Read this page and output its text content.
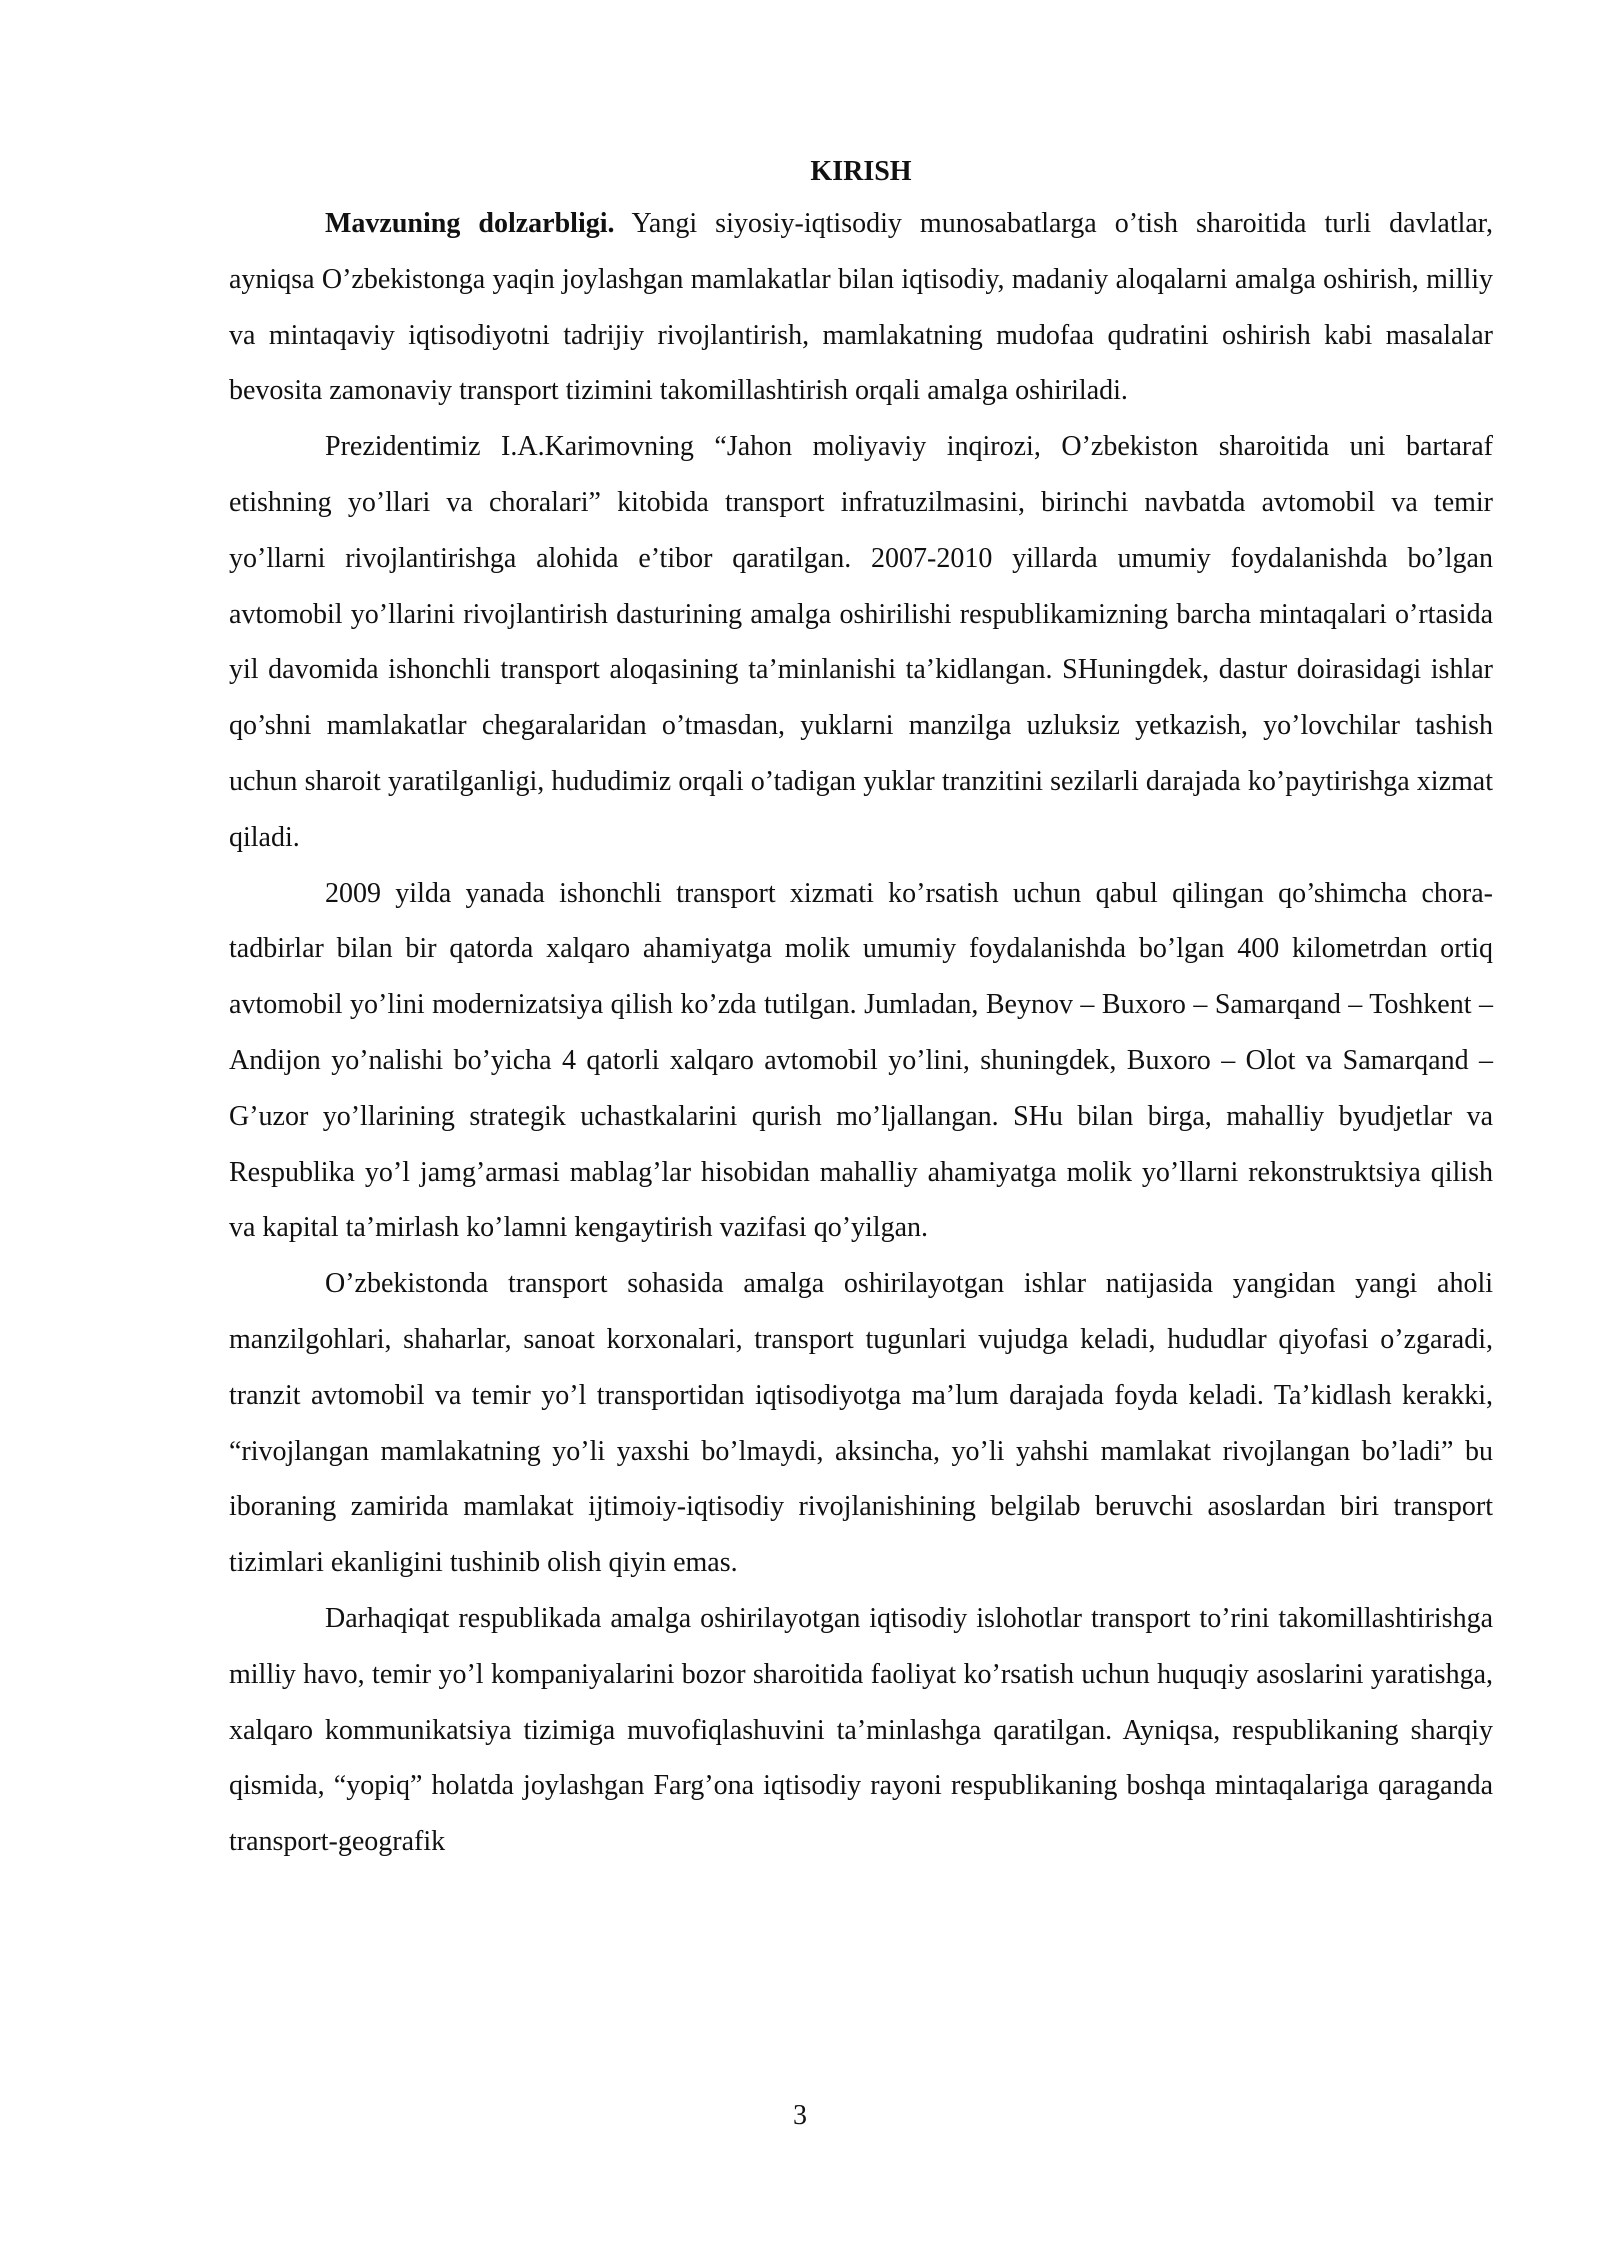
KIRISH

Mavzuning dolzarbligi. Yangi siyosiy-iqtisodiy munosabatlarga o’tish sharoitida turli davlatlar, ayniqsa O’zbekistonga yaqin joylashgan mamlakatlar bilan iqtisodiy, madaniy aloqalarni amalga oshirish, milliy va mintaqaviy iqtisodiyotni tadrijiy rivojlantirish, mamlakatning mudofaa qudratini oshirish kabi masalalar bevosita zamonaviy transport tizimini takomillashtirish orqali amalga oshiriladi.

Prezidentimiz I.A.Karimovning “Jahon moliyaviy inqirozi, O’zbekiston sharoitida uni bartaraf etishning yo’llari va choralari” kitobida transport infratuzilmasini, birinchi navbatda avtomobil va temir yo’llarni rivojlantirishga alohida e’tibor qaratilgan. 2007-2010 yillarda umumiy foydalanishda bo’lgan avtomobil yo’llarini rivojlantirish dasturining amalga oshirilishi respublikamizning barcha mintaqalari o’rtasida yil davomida ishonchli transport aloqasining ta’minlanishi ta’kidlangan. SHuningdek, dastur doirasidagi ishlar qo’shni mamlakatlar chegaralaridan o’tmasdan, yuklarni manzilga uzluksiz yetkazish, yo’lovchilar tashish uchun sharoit yaratilganligi, hududimiz orqali o’tadigan yuklar tranzitini sezilarli darajada ko’paytirishga xizmat qiladi.

2009 yilda yanada ishonchli transport xizmati ko’rsatish uchun qabul qilingan qo’shimcha chora-tadbirlar bilan bir qatorda xalqaro ahamiyatga molik umumiy foydalanishda bo’lgan 400 kilometrdan ortiq avtomobil yo’lini modernizatsiya qilish ko’zda tutilgan. Jumladan, Beynov – Buxoro – Samarqand – Toshkent – Andijon yo’nalishi bo’yicha 4 qatorli xalqaro avtomobil yo’lini, shuningdek, Buxoro – Olot va Samarqand – G’uzor yo’llarining strategik uchastkalarini qurish mo’ljallangan. SHu bilan birga, mahalliy byudjetlar va Respublika yo’l jamg’armasi mablag’lar hisobidan mahalliy ahamiyatga molik yo’llarni rekonstruktsiya qilish va kapital ta’mirlash ko’lamni kengaytirish vazifasi qo’yilgan.

O’zbekistonda transport sohasida amalga oshirilayotgan ishlar natijasida yangidan yangi aholi manzilgohlari, shaharlar, sanoat korxonalari, transport tugunlari vujudga keladi, hududlar qiyofasi o’zgaradi, tranzit avtomobil va temir yo’l transportidan iqtisodiyotga ma’lum darajada foyda keladi. Ta’kidlash kerakki, “rivojlangan mamlakatning yo’li yaxshi bo’lmaydi, aksincha, yo’li yahshi mamlakat rivojlangan bo’ladi” bu iboraning zamirida mamlakat ijtimoiy-iqtisodiy rivojlanishining belgilab beruvchi asoslardan biri transport tizimlari ekanligini tushinib olish qiyin emas.

Darhaqiqat respublikada amalga oshirilayotgan iqtisodiy islohotlar transport to’rini takomillashtirishga milliy havo, temir yo’l kompaniyalarini bozor sharoitida faoliyat ko’rsatish uchun huquqiy asoslarini yaratishga, xalqaro kommunikatsiya tizimiga muvofiqlashuvini ta’minlashga qaratilgan. Ayniqsa, respublikaning sharqiy qismida, “yopiq” holatda joylashgan Farg’ona iqtisodiy rayoni respublikaning boshqa mintaqalariga qaraganda transport-geografik

3
